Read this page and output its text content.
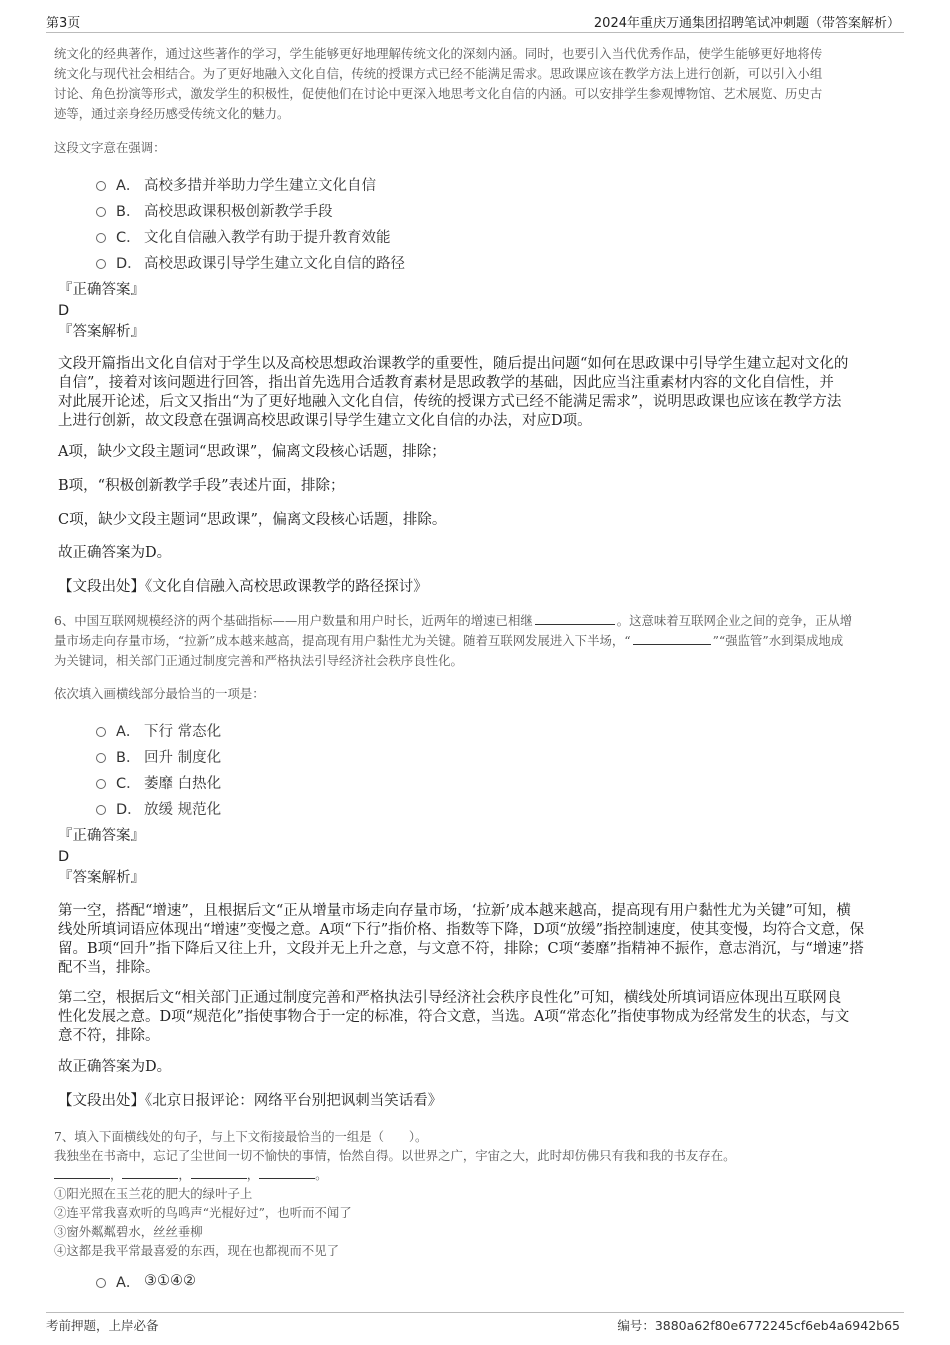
第3页	2024年重庆万通集团招聘笔试冲刺题（带答案解析）
统文化的经典著作，通过这些著作的学习，学生能够更好地理解传统文化的深刻内涵。同时，也要引入当代优秀作品，使学生能够更好地将传
统文化与现代社会相结合。为了更好地融入文化自信，传统的授课方式已经不能满足需求。思政课应该在教学方法上进行创新，可以引入小组
讨论、角色扮演等形式，激发学生的积极性，促使他们在讨论中更深入地思考文化自信的内涵。可以安排学生参观博物馆、艺术展览、历史古
迹等，通过亲身经历感受传统文化的魅力。
这段文字意在强调：
A． 高校多措并举助力学生建立文化自信
B． 高校思政课积极创新教学手段
C． 文化自信融入教学有助于提升教育效能
D． 高校思政课引导学生建立文化自信的路径
『正确答案』
D
『答案解析』
文段开篇指出文化自信对于学生以及高校思想政治课教学的重要性，随后提出问题“如何在思政课中引导学生建立起对文化的
自信”，接着对该问题进行回答，指出首先选用合适教育素材是思政教学的基础，因此应当注重素材内容的文化自信性，并
对此展开论述，后文又指出“为了更好地融入文化自信，传统的授课方式已经不能满足需求”，说明思政课也应该在教学方法
上进行创新，故文段意在强调高校思政课引导学生建立文化自信的办法，对应D项。
A项，缺少文段主题词“思政课”，偏离文段核心话题，排除；
B项，“积极创新教学手段”表述片面，排除；
C项，缺少文段主题词“思政课”，偏离文段核心话题，排除。
故正确答案为D。
【文段出处】《文化自信融入高校思政课教学的路径探讨》
6、中国互联网规模经济的两个基础指标——用户数量和用户时长，近两年的增速已相继	。这意味着互联网企业之间的竞争，正从增
量市场走向存量市场，“拉新”成本越来越高，提高现有用户黏性尤为关键。随着互联网发展进入下半场，“	”“强监管”水到渠成地成
为关键词，相关部门正通过制度完善和严格执法引导经济社会秩序良性化。
依次填入画横线部分最恰当的一项是：
A． 下行 常态化
B． 回升 制度化
C． 萎靡 白热化
D． 放缓 规范化
『正确答案』
D
『答案解析』
第一空，搭配“增速”，且根据后文“正从增量市场走向存量市场，‘拉新’成本越来越高，提高现有用户黏性尤为关键”可知，横
线处所填词语应体现出“增速”变慢之意。A项“下行”指价格、指数等下降，D项“放缓”指控制速度，使其变慢，均符合文意，保
留。B项“回升”指下降后又往上升，文段并无上升之意，与文意不符，排除；C项“萎靡”指精神不振作，意志消沉，与“增速”搭
配不当，排除。
第二空，根据后文“相关部门正通过制度完善和严格执法引导经济社会秩序良性化”可知，横线处所填词语应体现出互联网良
性化发展之意。D项“规范化”指使事物合于一定的标准，符合文意，当选。A项“常态化”指使事物成为经常发生的状态，与文
意不符，排除。
故正确答案为D。
【文段出处】《北京日报评论：网络平台别把讽刺当笑话看》
7、填入下面横线处的句子，与上下文衔接最恰当的一组是（　　）。
我独坐在书斋中，忘记了尘世间一切不愉快的事情，怡然自得。以世界之广，宇宙之大，此时却仿佛只有我和我的书友存在。
，	，	，	。
①阳光照在玉兰花的肥大的绿叶子上
②连平常我喜欢听的鸟鸣声“光棍好过”，也听而不闻了
③窗外粼粼碧水，丝丝垂柳
④这都是我平常最喜爱的东西，现在也都视而不见了
A． ③①④②
考前押题，上岸必备	编号：3880a62f80e6772245cf6eb4a6942b65
